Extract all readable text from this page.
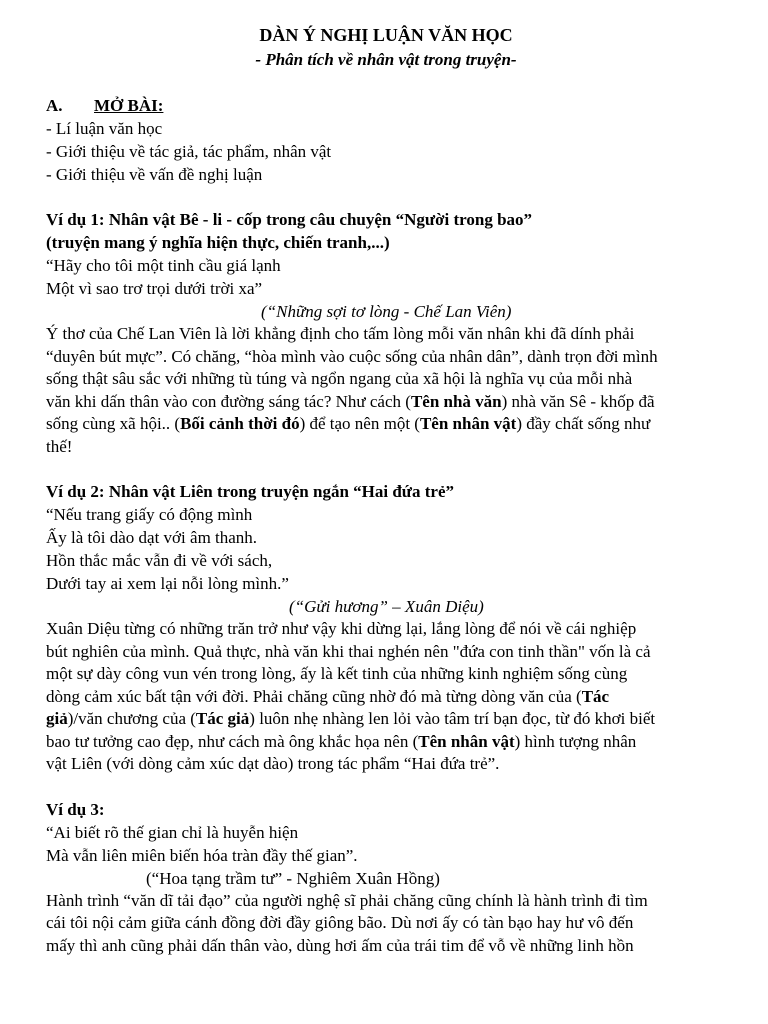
DÀN Ý NGHỊ LUẬN VĂN HỌC
- Phân tích về nhân vật trong truyện-
A. MỞ BÀI:
- Lí luận văn học
- Giới thiệu về tác giả, tác phẩm, nhân vật
- Giới thiệu về vấn đề nghị luận
Ví dụ 1: Nhân vật Bê - li - cốp trong câu chuyện “Người trong bao”
(truyện mang ý nghĩa hiện thực, chiến tranh,...)
“Hãy cho tôi một tinh cầu giá lạnh
Một vì sao trơ trọi dưới trời xa”
(“Những sợi tơ lòng - Chế Lan Viên)
Ý thơ của Chế Lan Viên là lời khẳng định cho tấm lòng mỗi văn nhân khi đã dính phải
“duyên bút mực”. Có chăng, “hòa mình vào cuộc sống của nhân dân”, dành trọn đời mình
sống thật sâu sắc với những tù túng và ngổn ngang của xã hội là nghĩa vụ của mỗi nhà
văn khi dấn thân vào con đường sáng tác? Như cách (Tên nhà văn) nhà văn Sê - khốp đã
sống cùng xã hội.. (Bối cảnh thời đó) để tạo nên một (Tên nhân vật) đầy chất sống như
thế!
Ví dụ 2: Nhân vật Liên trong truyện ngắn “Hai đứa trẻ”
“Nếu trang giấy có động mình
Ấy là tôi dào dạt với âm thanh.
Hồn thắc mắc vẫn đi về với sách,
Dưới tay ai xem lại nỗi lòng mình.”
(“Gửi hương” – Xuân Diệu)
Xuân Diệu từng có những trăn trở như vậy khi dừng lại, lắng lòng để nói về cái nghiệp
bút nghiên của mình. Quả thực, nhà văn khi thai nghén nên "đứa con tinh thần" vốn là cả
một sự dày công vun vén trong lòng, ấy là kết tinh của những kinh nghiệm sống cùng
dòng cảm xúc bất tận với đời. Phải chăng cũng nhờ đó mà từng dòng văn của (Tác
giả)/văn chương của (Tác giả) luôn nhẹ nhàng len lỏi vào tâm trí bạn đọc, từ đó khơi biết
bao tư tưởng cao đẹp, như cách mà ông khắc họa nên (Tên nhân vật) hình tượng nhân
vật Liên (với dòng cảm xúc dạt dào) trong tác phẩm “Hai đứa trẻ”.
Ví dụ 3:
“Ai biết rõ thế gian chỉ là huyễn hiện
Mà vẫn liên miên biến hóa tràn đầy thế gian”.
(“Hoa tạng trầm tư” - Nghiêm Xuân Hồng)
Hành trình “văn dĩ tải đạo” của người nghệ sĩ phải chăng cũng chính là hành trình đi tìm
cái tôi nội cảm giữa cánh đồng đời đầy giông bão. Dù nơi ấy có tàn bạo hay hư vô đến
mấy thì anh cũng phải dấn thân vào, dùng hơi ấm của trái tim để vỗ về những linh hồn
